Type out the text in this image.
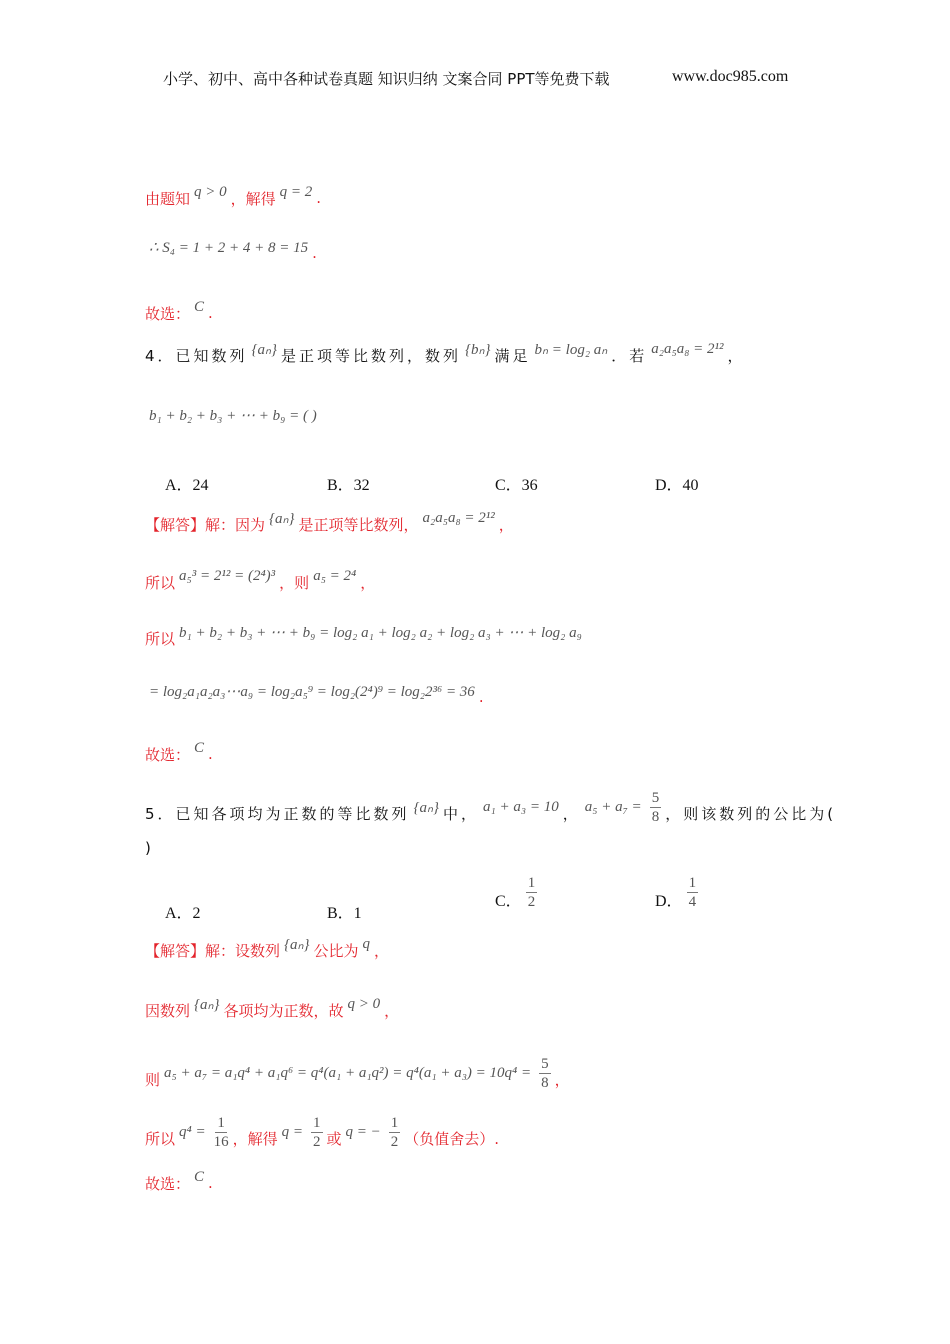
小学、初中、高中各种试卷真题 知识归纳 文案合同 PPT等免费下载	www.doc985.com
由题知 q > 0 ，解得 q = 2 .
∴ S₄ = 1 + 2 + 4 + 8 = 15 .
故选： C .
4．已知数列 {aₙ} 是正项等比数列，数列 {bₙ} 满足 bₙ = log₂ aₙ ．若 a₂a₅a₈ = 2¹² ，
b₁ + b₂ + b₃ + ⋯ + b₉ = ( )
【解答】解：因为 {aₙ} 是正项等比数列， a₂a₅a₈ = 2¹² ，
所以 a₅³ = 2¹² = (2⁴)³ ，则 a₅ = 2⁴ ，
所以 b₁ + b₂ + b₃ + ⋯ + b₉ = log₂ a₁ + log₂ a₂ + log₂ a₃ + ⋯ + log₂ a₉
= log₂a₁a₂a₃⋯a₉ = log₂a₅⁹ = log₂(2⁴)⁹ = log₂2³⁶ = 36 .
故选： C .
5．已知各项均为正数的等比数列 {aₙ} 中， a₁ + a₃ = 10 ， $a_5 + a_7 = \frac{5}{8}$ ，则该数列的公比为(
)
【解答】解：设数列 {aₙ} 公比为 q ，
因数列 {aₙ} 各项均为正数，故 q > 0 ，
则 $a_5 + a_7 = a_1q^4 + a_1q^6 = q^4(a_1 + a_1q^2) = q^4(a_1 + a_3) = 10q^4 = \frac{5}{8}$ ，
所以 $q^4 = \frac{1}{16}$ ，解得 $q = \frac{1}{2}$ 或 q = − $\frac{1}{2}$ （负值舍去）.
故选： C .
A．24	B．32	C．36	D．40
A．2	B．1
C． $\frac{1}{2}$	D． $\frac{1}{4}$
